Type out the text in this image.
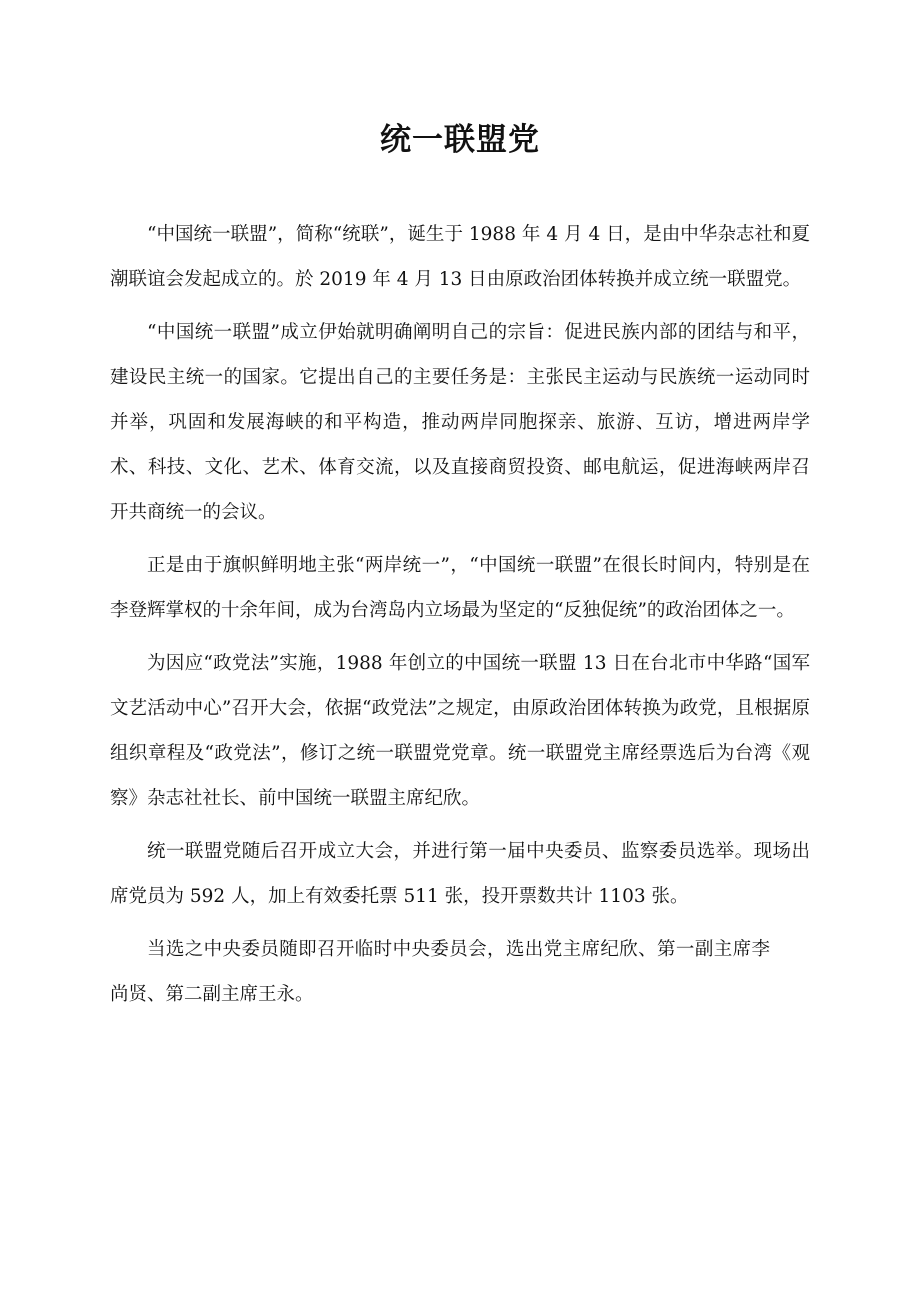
统一联盟党

“中国统一联盟”，简称“统联”，诞生于 1988 年 4 月 4 日，是由中华杂志社和夏潮联谊会发起成立的。於 2019 年 4 月 13 日由原政治团体转换并成立统一联盟党。

“中国统一联盟”成立伊始就明确阐明自己的宗旨：促进民族内部的团结与和平，建设民主统一的国家。它提出自己的主要任务是：主张民主运动与民族统一运动同时并举，巩固和发展海峡的和平构造，推动两岸同胞探亲、旅游、互访，增进两岸学术、科技、文化、艺术、体育交流，以及直接商贸投资、邮电航运，促进海峡两岸召开共商统一的会议。

正是由于旗帜鲜明地主张“两岸统一”，“中国统一联盟”在很长时间内，特别是在李登辉掌权的十余年间，成为台湾岛内立场最为坚定的“反独促统”的政治团体之一。

为因应“政党法”实施，1988 年创立的中国统一联盟 13 日在台北市中华路“国军文艺活动中心”召开大会，依据“政党法”之规定，由原政治团体转换为政党，且根据原组织章程及“政党法”，修订之统一联盟党党章。统一联盟党主席经票选后为台湾《观察》杂志社社长、前中国统一联盟主席纪欣。

统一联盟党随后召开成立大会，并进行第一届中央委员、监察委员选举。现场出席党员为 592 人，加上有效委托票 511 张，投开票数共计 1103 张。

当选之中央委员随即召开临时中央委员会，选出党主席纪欣、第一副主席李尚贤、第二副主席王永。
